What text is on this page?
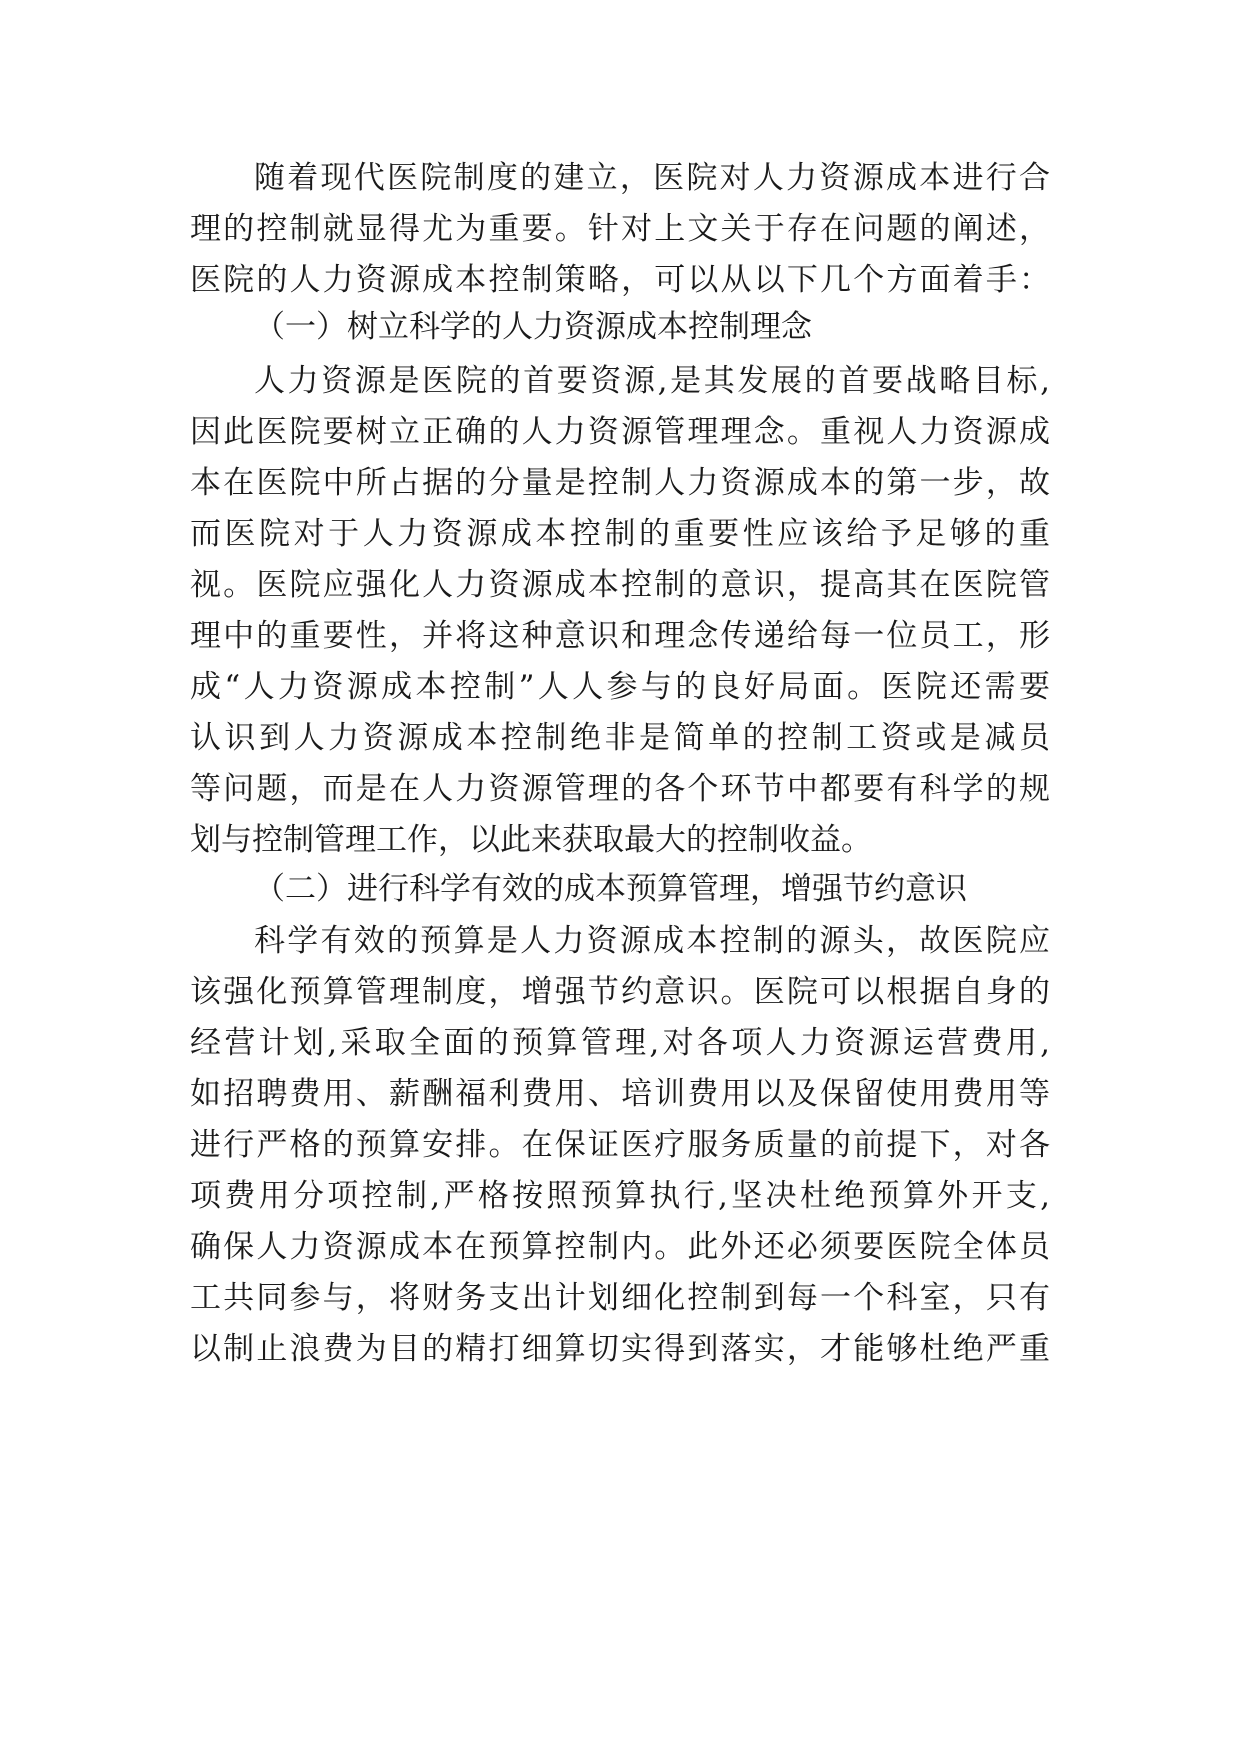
随着现代医院制度的建立，医院对人力资源成本进行合
理的控制就显得尤为重要。针对上文关于存在问题的阐述，
医院的人力资源成本控制策略，可以从以下几个方面着手：
（一）树立科学的人力资源成本控制理念
人力资源是医院的首要资源,是其发展的首要战略目标,
因此医院要树立正确的人力资源管理理念。重视人力资源成
本在医院中所占据的分量是控制人力资源成本的第一步，故
而医院对于人力资源成本控制的重要性应该给予足够的重
视。医院应强化人力资源成本控制的意识，提高其在医院管
理中的重要性，并将这种意识和理念传递给每一位员工，形
成“人力资源成本控制”人人参与的良好局面。医院还需要
认识到人力资源成本控制绝非是简单的控制工资或是减员
等问题，而是在人力资源管理的各个环节中都要有科学的规
划与控制管理工作，以此来获取最大的控制收益。
（二）进行科学有效的成本预算管理，增强节约意识
科学有效的预算是人力资源成本控制的源头，故医院应
该强化预算管理制度，增强节约意识。医院可以根据自身的
经营计划,采取全面的预算管理,对各项人力资源运营费用,
如招聘费用、薪酬福利费用、培训费用以及保留使用费用等
进行严格的预算安排。在保证医疗服务质量的前提下，对各
项费用分项控制,严格按照预算执行,坚决杜绝预算外开支,
确保人力资源成本在预算控制内。此外还必须要医院全体员
工共同参与，将财务支出计划细化控制到每一个科室，只有
以制止浪费为目的精打细算切实得到落实，才能够杜绝严重
